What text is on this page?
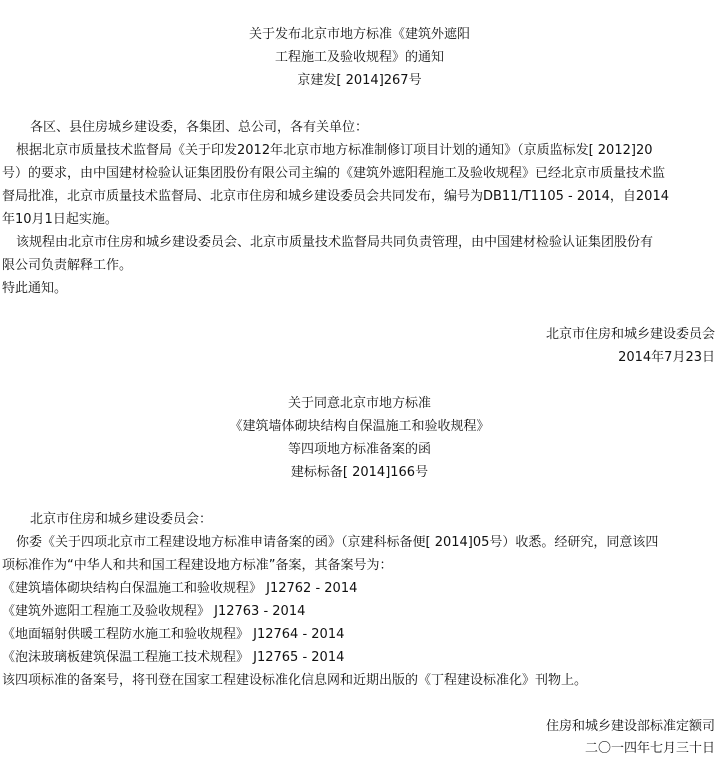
关于发布北京市地方标准《建筑外遮阳
工程施工及验收规程》的通知
京建发[ 2014]267号
各区、县住房城乡建设委，各集团、总公司，各有关单位：
根据北京市质量技术监督局《关于印发2012年北京市地方标准制修订项目计划的通知》（京质监标发[ 2012]20
号）的要求，由中国建材检验认证集团股份有限公司主编的《建筑外遮阳程施工及验收规程》已经北京市质量技术监
督局批准，北京市质量技术监督局、北京市住房和城乡建设委员会共同发布，编号为DB11/T1105 - 2014，自2014
年10月1日起实施。
该规程由北京市住房和城乡建设委员会、北京市质量技术监督局共同负责管理，由中国建材检验认证集团股份有
限公司负责解释工作。
特此通知。
北京市住房和城乡建设委员会
2014年7月23日
关于同意北京市地方标准
《建筑墙体砌块结构自保温施工和验收规程》
等四项地方标准备案的函
建标标备[ 2014]166号
北京市住房和城乡建设委员会：
你委《关于四项北京市工程建设地方标准申请备案的函》（京建科标备便[ 2014]05号）收悉。经研究，同意该四
项标准作为“中华人和共和国工程建设地方标准”备案，其备案号为：
《建筑墙体砌块结构白保温施工和验收规程》 J12762 - 2014
《建筑外遮阳工程施工及验收规程》 J12763 - 2014
《地面辐射供暖工程防水施工和验收规程》 J12764 - 2014
《泡沫玻璃板建筑保温工程施工技术规程》 J12765 - 2014
该四项标准的备案号，将刊登在国家工程建设标准化信息网和近期出版的《丁程建设标准化》刊物上。
住房和城乡建设部标准定额司
二〇一四年七月三十日
